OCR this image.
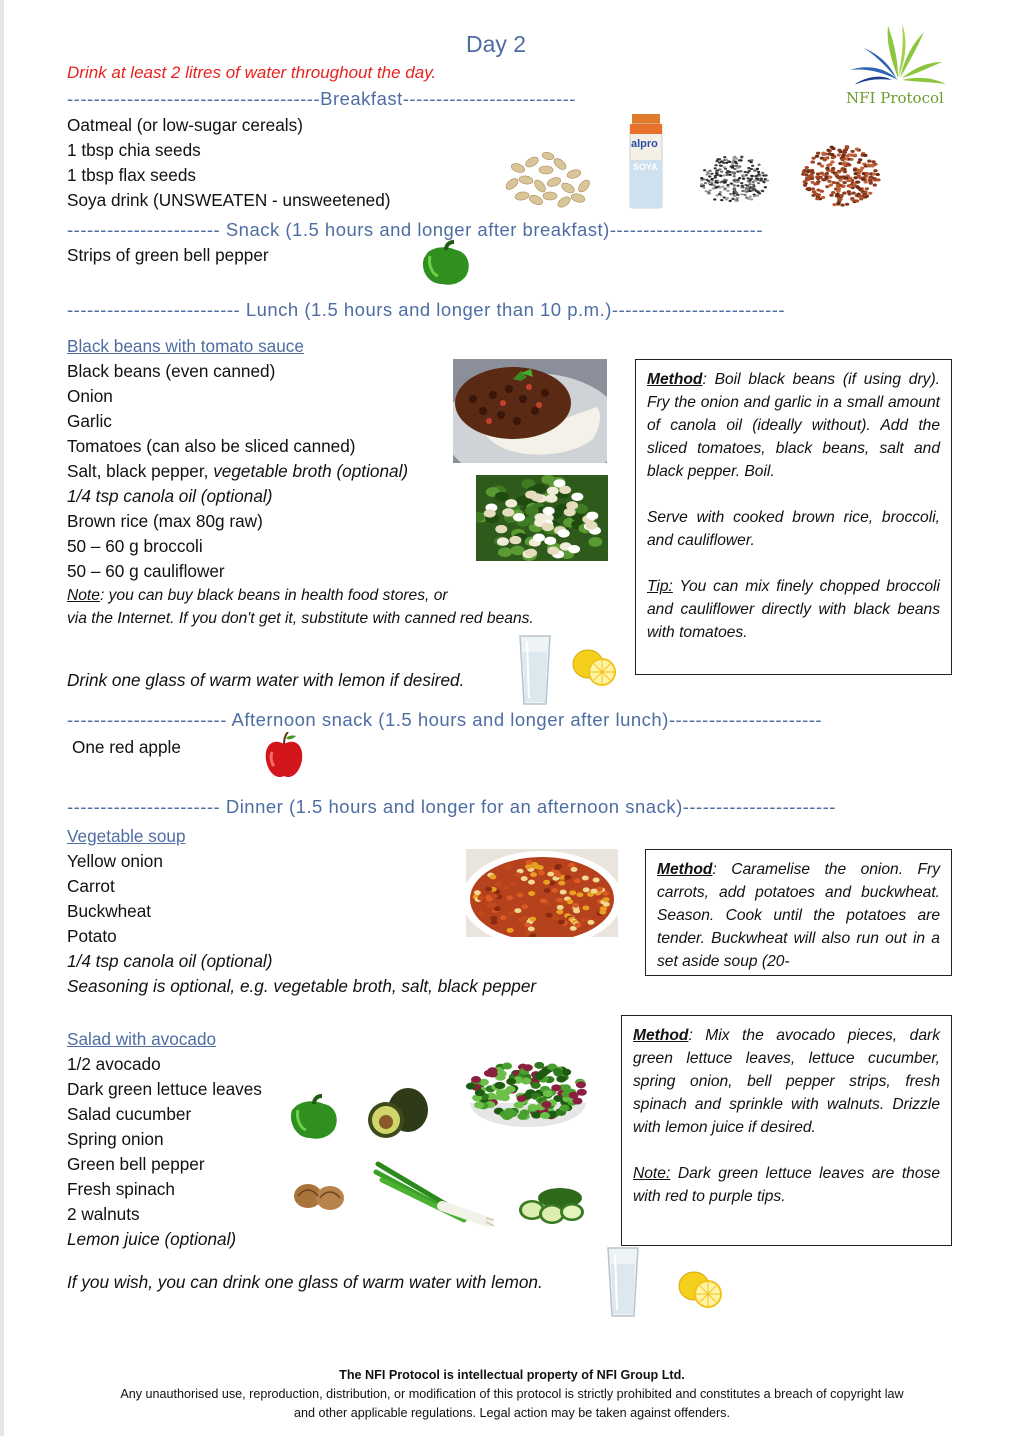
Day 2
Drink at least 2 litres of water throughout the day.
NFI Protocol
--------------------------------------Breakfast--------------------------
Oatmeal (or low-sugar cereals)
1 tbsp chia seeds
1 tbsp flax seeds
Soya drink (UNSWEATEN - unsweetened)
alpro
SOYA
----------------------- Snack (1.5 hours and longer after breakfast)-----------------------
Strips of green bell pepper
-------------------------- Lunch (1.5 hours and longer than 10 p.m.)--------------------------
Black beans with tomato sauce
Black beans (even canned)
Onion
Garlic
Tomatoes (can also be sliced canned)
Salt, black pepper, vegetable broth (optional)
1/4 tsp canola oil (optional)
Brown rice (max 80g raw)
50 – 60 g broccoli
50 – 60 g cauliflower
Note: you can buy black beans in health food stores, or
via the Internet. If you don't get it, substitute with canned red beans.
Drink one glass of warm water with lemon if desired.

Method: Boil black beans (if using dry). Fry the onion and garlic in a small amount of canola oil (ideally without). Add the sliced tomatoes, black beans, salt and black pepper. Boil.

Serve with cooked brown rice, broccoli, and cauliflower.

Tip: You can mix finely chopped broccoli and cauliflower directly with black beans with tomatoes.

------------------------ Afternoon snack (1.5 hours and longer after lunch)-----------------------
One red apple
----------------------- Dinner (1.5 hours and longer for an afternoon snack)-----------------------
Vegetable soup
Yellow onion
Carrot
Buckwheat
Potato
1/4 tsp canola oil (optional)
Seasoning is optional, e.g. vegetable broth, salt, black pepper

Method: Caramelise the onion. Fry carrots, add potatoes and buckwheat. Season. Cook until the potatoes are tender. Buckwheat will also run out in a set aside soup (20-

Salad with avocado
1/2 avocado
Dark green lettuce leaves
Salad cucumber
Spring onion
Green bell pepper
Fresh spinach
2 walnuts
Lemon juice (optional)

Method: Mix the avocado pieces, dark green lettuce leaves, lettuce cucumber, spring onion, bell pepper strips, fresh spinach and sprinkle with walnuts. Drizzle with lemon juice if desired.

Note: Dark green lettuce leaves are those with red to purple tips.

If you wish, you can drink one glass of warm water with lemon.
The NFI Protocol is intellectual property of NFI Group Ltd.
Any unauthorised use, reproduction, distribution, or modification of this protocol is strictly prohibited and constitutes a breach of copyright law
and other applicable regulations. Legal action may be taken against offenders.
